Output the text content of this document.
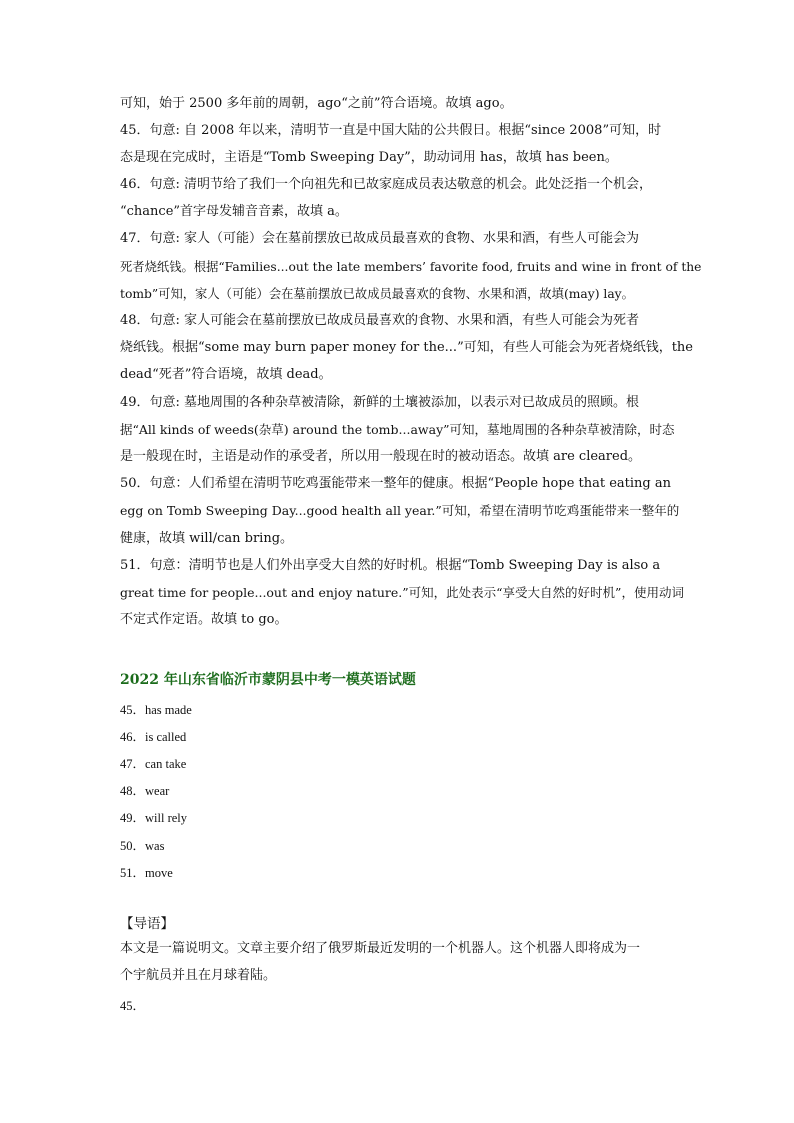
可知，始于 2500 多年前的周朝，ago“之前”符合语境。故填 ago。
45．句意: 自 2008 年以来，清明节一直是中国大陆的公共假日。根据“since 2008”可知，时
态是现在完成时，主语是“Tomb Sweeping Day”，助动词用 has，故填 has been。
46．句意: 清明节给了我们一个向祖先和已故家庭成员表达敬意的机会。此处泛指一个机会，
“chance”首字母发辅音音素，故填 a。
47．句意: 家人（可能）会在墓前摆放已故成员最喜欢的食物、水果和酒，有些人可能会为
死者烧纸钱。根据“Families...out the late members’ favorite food, fruits and wine in front of the
tomb”可知，家人（可能）会在墓前摆放已故成员最喜欢的食物、水果和酒，故填(may) lay。
48．句意: 家人可能会在墓前摆放已故成员最喜欢的食物、水果和酒，有些人可能会为死者
烧纸钱。根据“some may burn paper money for the...”可知，有些人可能会为死者烧纸钱，the
dead“死者”符合语境，故填 dead。
49．句意: 墓地周围的各种杂草被清除，新鲜的土壤被添加，以表示对已故成员的照顾。根
据“All kinds of weeds(杂草) around the tomb...away”可知，墓地周围的各种杂草被清除，时态
是一般现在时，主语是动作的承受者，所以用一般现在时的被动语态。故填 are cleared。
50．句意：人们希望在清明节吃鸡蛋能带来一整年的健康。根据“People hope that eating an
egg on Tomb Sweeping Day...good health all year.”可知，希望在清明节吃鸡蛋能带来一整年的
健康，故填 will/can bring。
51．句意：清明节也是人们外出享受大自然的好时机。根据“Tomb Sweeping Day is also a
great time for people...out and enjoy nature.”可知，此处表示“享受大自然的好时机”，使用动词
不定式作定语。故填 to go。
2022 年山东省临沂市蒙阴县中考一模英语试题
45．has made
46．is called
47．can take
48．wear
49．will rely
50．was
51．move
【导语】
本文是一篇说明文。文章主要介绍了俄罗斯最近发明的一个机器人。这个机器人即将成为一
个宇航员并且在月球着陆。
45．
